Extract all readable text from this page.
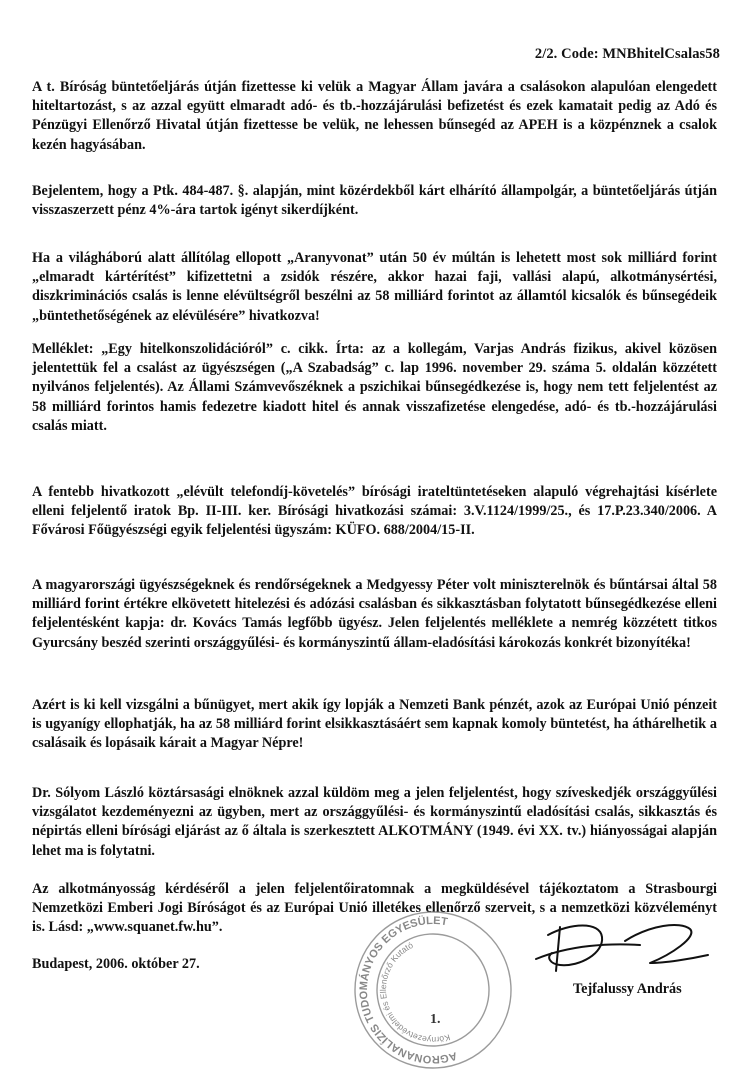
2/2. Code: MNBhitelCsalas58

A t. Bíróság büntetőeljárás útján fizettesse ki velük a Magyar Állam javára a csalásokon alapulóan elengedett hiteltartozást, s az azzal együtt elmaradt adó- és tb.-hozzájárulási befizetést és ezek kamatait pedig az Adó és Pénzügyi Ellenőrző Hivatal útján fizettesse be velük, ne lehessen bűnsegéd az APEH is a közpénznek a csalok kezén hagyásában.

Bejelentem, hogy a Ptk. 484-487. §. alapján, mint közérdekből kárt elhárító állampolgár, a büntetőeljárás útján visszaszerzett pénz 4%-ára tartok igényt sikerdíjként.

Ha a világháború alatt állítólag ellopott „Aranyvonat” után 50 év múltán is lehetett most sok milliárd forint „elmaradt kártérítést” kifizettetni a zsidók részére, akkor hazai faji, vallási alapú, alkotmánysértési, diszkriminációs csalás is lenne elévültségről beszélni az 58 milliárd forintot az államtól kicsalók és bűnsegédeik „büntethetőségének az elévülésére” hivatkozva!

Melléklet: „Egy hitelkonszolidációról” c. cikk. Írta: az a kollegám, Varjas András fizikus, akivel közösen jelentettük fel a csalást az ügyészségen („A Szabadság” c. lap 1996. november 29. száma 5. oldalán közzétett nyilvános feljelentés). Az Állami Számvevőszéknek a pszichikai bűnsegédkezése is, hogy nem tett feljelentést az 58 milliárd forintos hamis fedezetre kiadott hitel és annak visszafizetése elengedése, adó- és tb.-hozzájárulási csalás miatt.

A fentebb hivatkozott „elévült telefondíj-követelés” bírósági irateltüntetéseken alapuló végrehajtási kísérlete elleni feljelentő iratok Bp. II-III. ker. Bírósági hivatkozási számai: 3.V.1124/1999/25., és 17.P.23.340/2006. A Fővárosi Főügyészségi egyik feljelentési ügyszám: KÜFO. 688/2004/15-II.

A magyarországi ügyészségeknek és rendőrségeknek a Medgyessy Péter volt miniszterelnök és bűntársai által 58 milliárd forint értékre elkövetett hitelezési és adózási csalásban és sikkasztásban folytatott bűnsegédkezése elleni feljelentésként kapja: dr. Kovács Tamás legfőbb ügyész. Jelen feljelentés melléklete a nemrég közzétett titkos Gyurcsány beszéd szerinti országgyűlési- és kormányszintű állam-eladósítási károkozás konkrét bizonyítéka!

Azért is ki kell vizsgálni a bűnügyet, mert akik így lopják a Nemzeti Bank pénzét, azok az Európai Unió pénzeit is ugyanígy ellophatják, ha az 58 milliárd forint elsikkasztásáért sem kapnak komoly büntetést, ha áthárelhetik a csalásaik és lopásaik kárait a Magyar Népre!

Dr. Sólyom László köztársasági elnöknek azzal küldöm meg a jelen feljelentést, hogy szíveskedjék országgyűlési vizsgálatot kezdeményezni az ügyben, mert az országgyűlési- és kormányszintű eladósítási csalás, sikkasztás és népirtás elleni bírósági eljárást az ő általa is szerkesztett ALKOTMÁNY (1949. évi XX. tv.) hiányosságai alapján lehet ma is folytatni.

Az alkotmányosság kérdéséről a jelen feljelentőiratomnak a megküldésével tájékoztatom a Strasbourgi Nemzetközi Emberi Jogi Bíróságot és az Európai Unió illetékes ellenőrző szerveit, s a nemzetközi közvéleményt is. Lásd: „www.squanet.fw.hu”.

Budapest, 2006. október 27.
AGRONANALÍZIS TUDOMÁNYOS EGYESÜLET
Környezetvédelmi és Ellenőrző Kutató
1.
Tejfalussy András
